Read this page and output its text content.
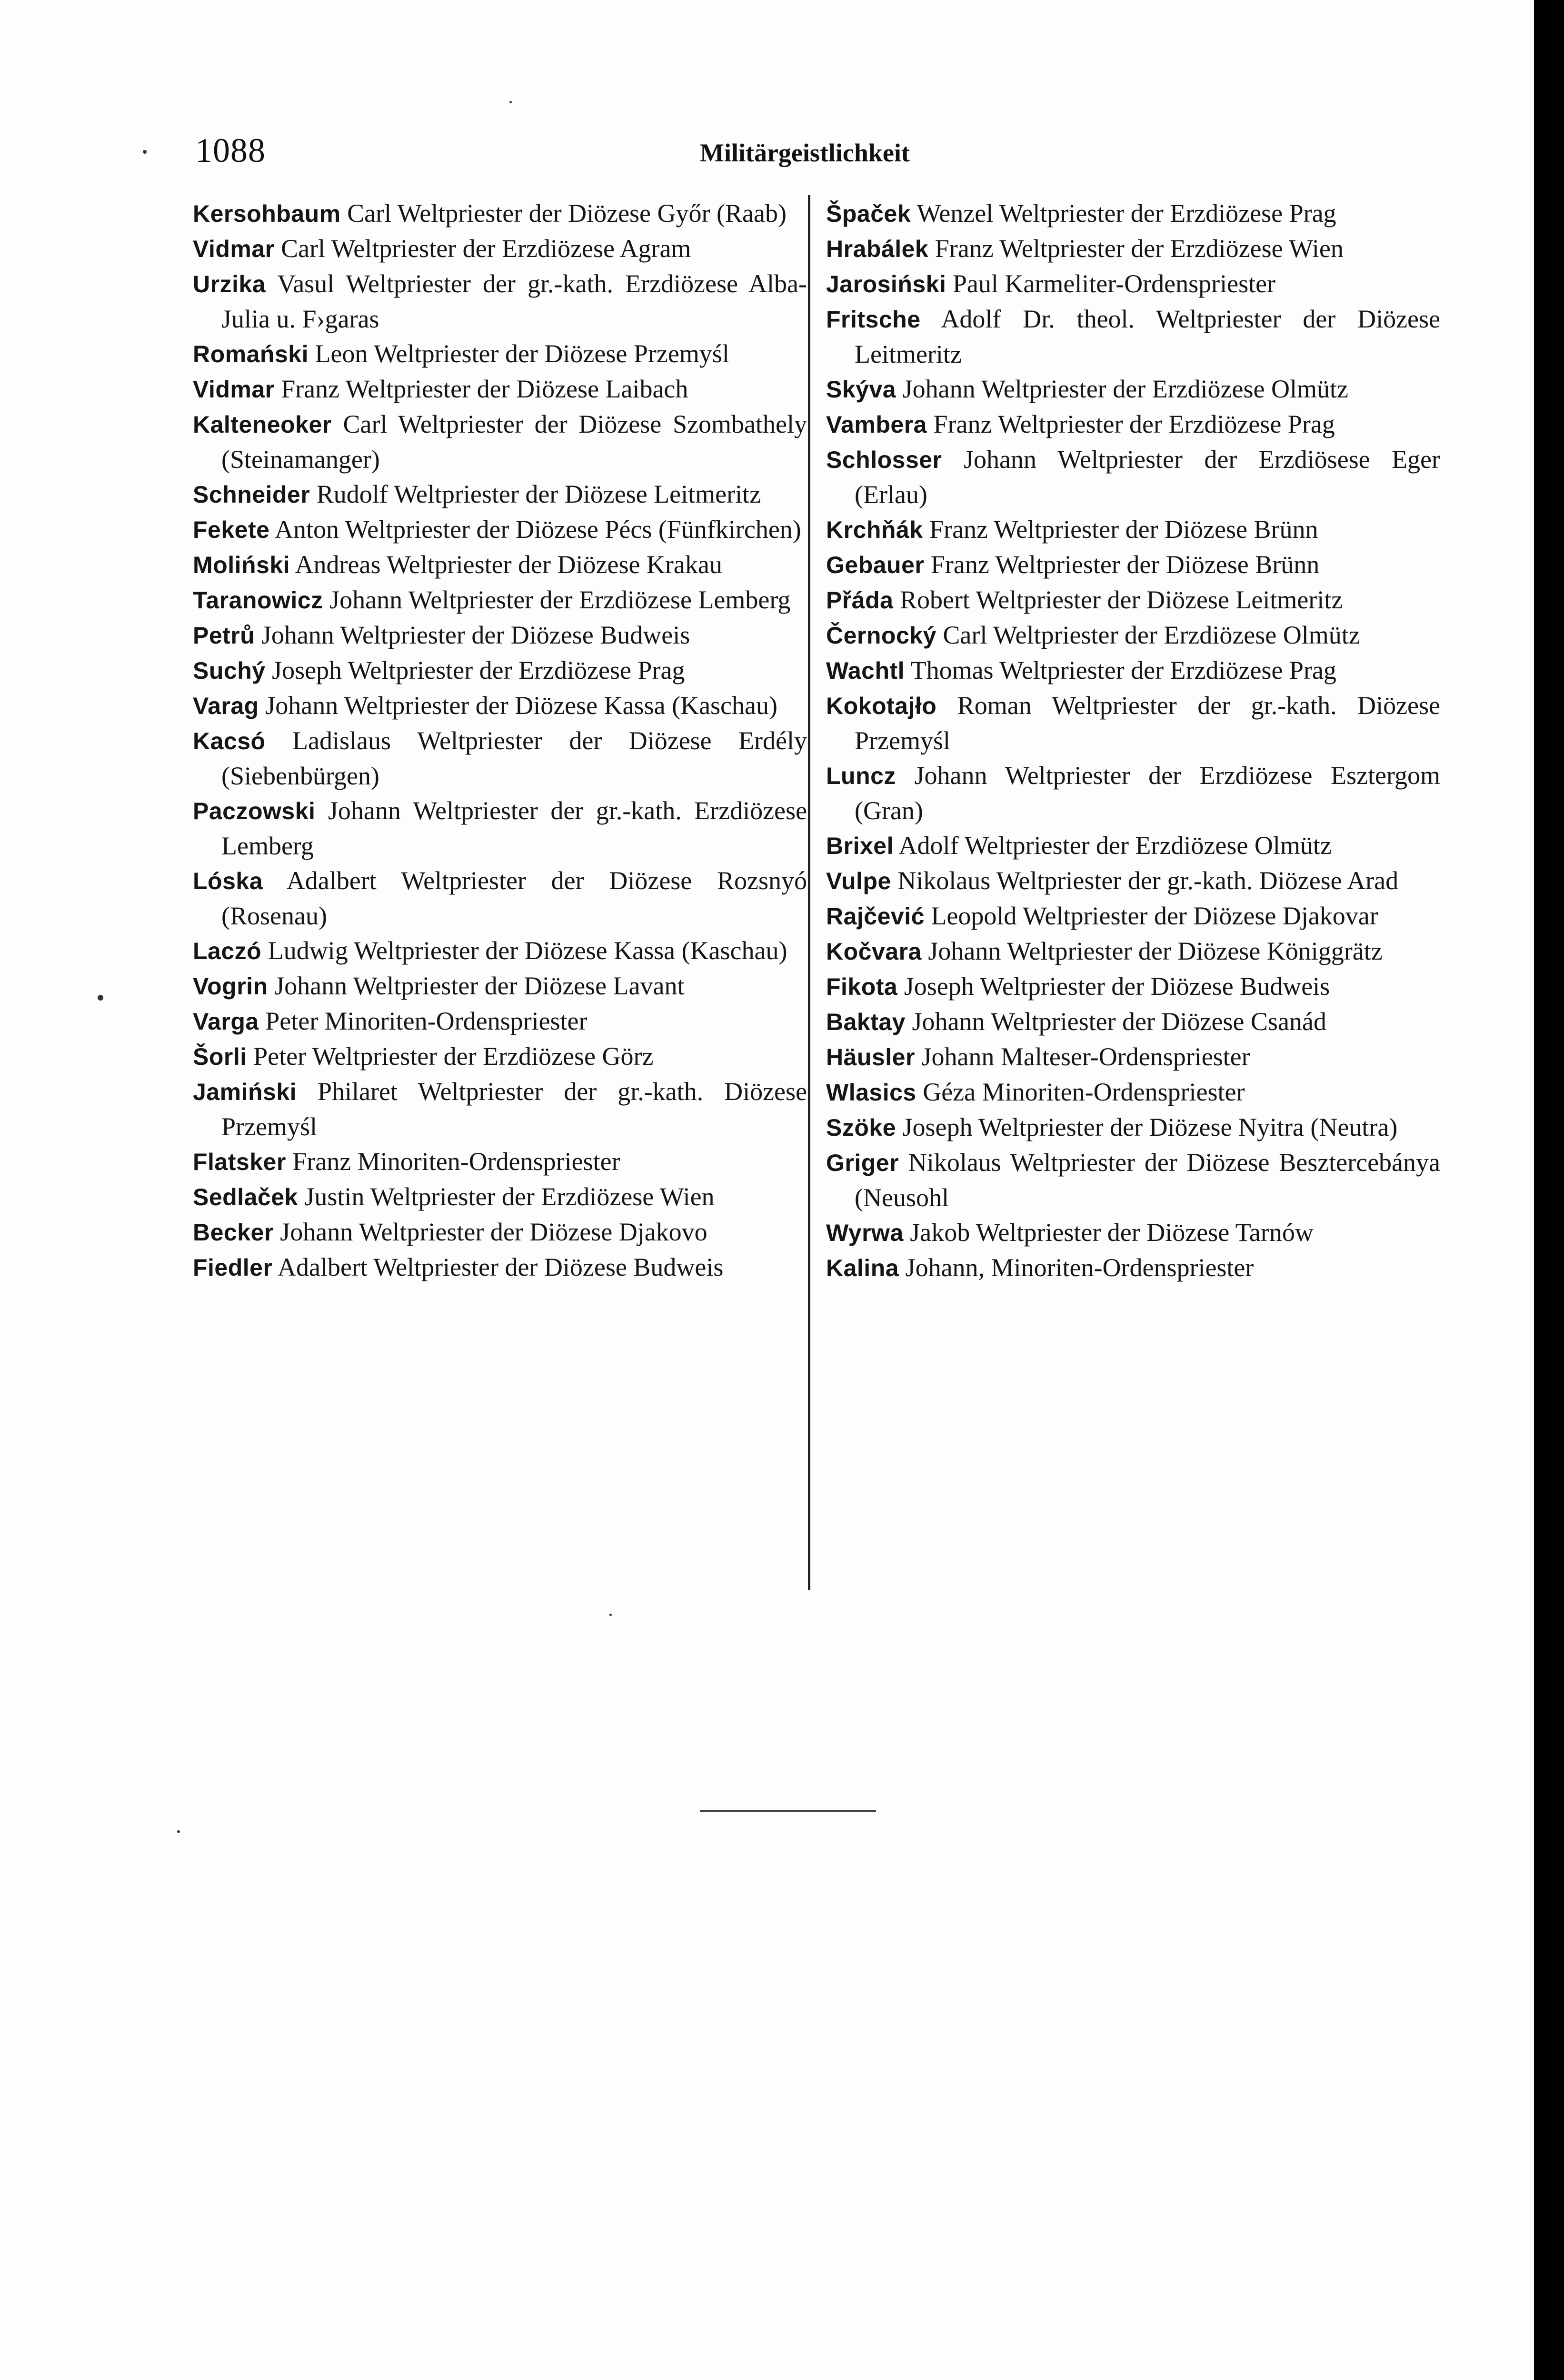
1088	Militärgeistlichkeit

Kersohbaum Carl Weltpriester der Diözese Győr (Raab)

Vidmar Carl Weltpriester der Erzdiözese Agram

Urzika Vasul Weltpriester der gr.-kath. Erzdiözese Alba-Julia u. F›garas

Romański Leon Weltpriester der Diözese Przemyśl

Vidmar Franz Weltpriester der Diözese Laibach

Kalteneoker Carl Weltpriester der Diözese Szombathely (Steinamanger)

Schneider Rudolf Weltpriester der Diözese Leitmeritz

Fekete Anton Weltpriester der Diözese Pécs (Fünfkirchen)

Moliński Andreas Weltpriester der Diözese Krakau

Taranowicz Johann Weltpriester der Erzdiözese Lemberg

Petrů Johann Weltpriester der Diözese Budweis

Suchý Joseph Weltpriester der Erzdiözese Prag

Varag Johann Weltpriester der Diözese Kassa (Kaschau)

Kacsó Ladislaus Weltpriester der Diözese Erdély (Siebenbürgen)

Paczowski Johann Weltpriester der gr.-kath. Erzdiözese Lemberg

Lóska Adalbert Weltpriester der Diözese Rozsnyó (Rosenau)

Laczó Ludwig Weltpriester der Diözese Kassa (Kaschau)

Vogrin Johann Weltpriester der Diözese Lavant

Varga Peter Minoriten-Ordenspriester

Šorli Peter Weltpriester der Erzdiözese Görz

Jamiński Philaret Weltpriester der gr.-kath. Diözese Przemyśl

Flatsker Franz Minoriten-Ordenspriester

Sedlaček Justin Weltpriester der Erzdiözese Wien

Becker Johann Weltpriester der Diözese Djakovo

Fiedler Adalbert Weltpriester der Diözese Budweis

Špaček Wenzel Weltpriester der Erzdiözese Prag

Hrabálek Franz Weltpriester der Erzdiözese Wien

Jarosiński Paul Karmeliter-Ordenspriester

Fritsche Adolf Dr. theol. Weltpriester der Diözese Leitmeritz

Skýva Johann Weltpriester der Erzdiözese Olmütz

Vambera Franz Weltpriester der Erzdiözese Prag

Schlosser Johann Weltpriester der Erzdiösese Eger (Erlau)

Krchňák Franz Weltpriester der Diözese Brünn

Gebauer Franz Weltpriester der Diözese Brünn

Přáda Robert Weltpriester der Diözese Leitmeritz

Černocký Carl Weltpriester der Erzdiözese Olmütz

Wachtl Thomas Weltpriester der Erzdiözese Prag

Kokotajło Roman Weltpriester der gr.-kath. Diözese Przemyśl

Luncz Johann Weltpriester der Erzdiözese Esztergom (Gran)

Brixel Adolf Weltpriester der Erzdiözese Olmütz

Vulpe Nikolaus Weltpriester der gr.-kath. Diözese Arad

Rajčević Leopold Weltpriester der Diözese Djakovar

Kočvara Johann Weltpriester der Diözese Königgrätz

Fikota Joseph Weltpriester der Diözese Budweis

Baktay Johann Weltpriester der Diözese Csanád

Häusler Johann Malteser-Ordenspriester

Wlasics Géza Minoriten-Ordenspriester

Szöke Joseph Weltpriester der Diözese Nyitra (Neutra)

Griger Nikolaus Weltpriester der Diözese Besztercebánya (Neusohl

Wyrwa Jakob Weltpriester der Diözese Tarnów

Kalina Johann, Minoriten-Ordenspriester
